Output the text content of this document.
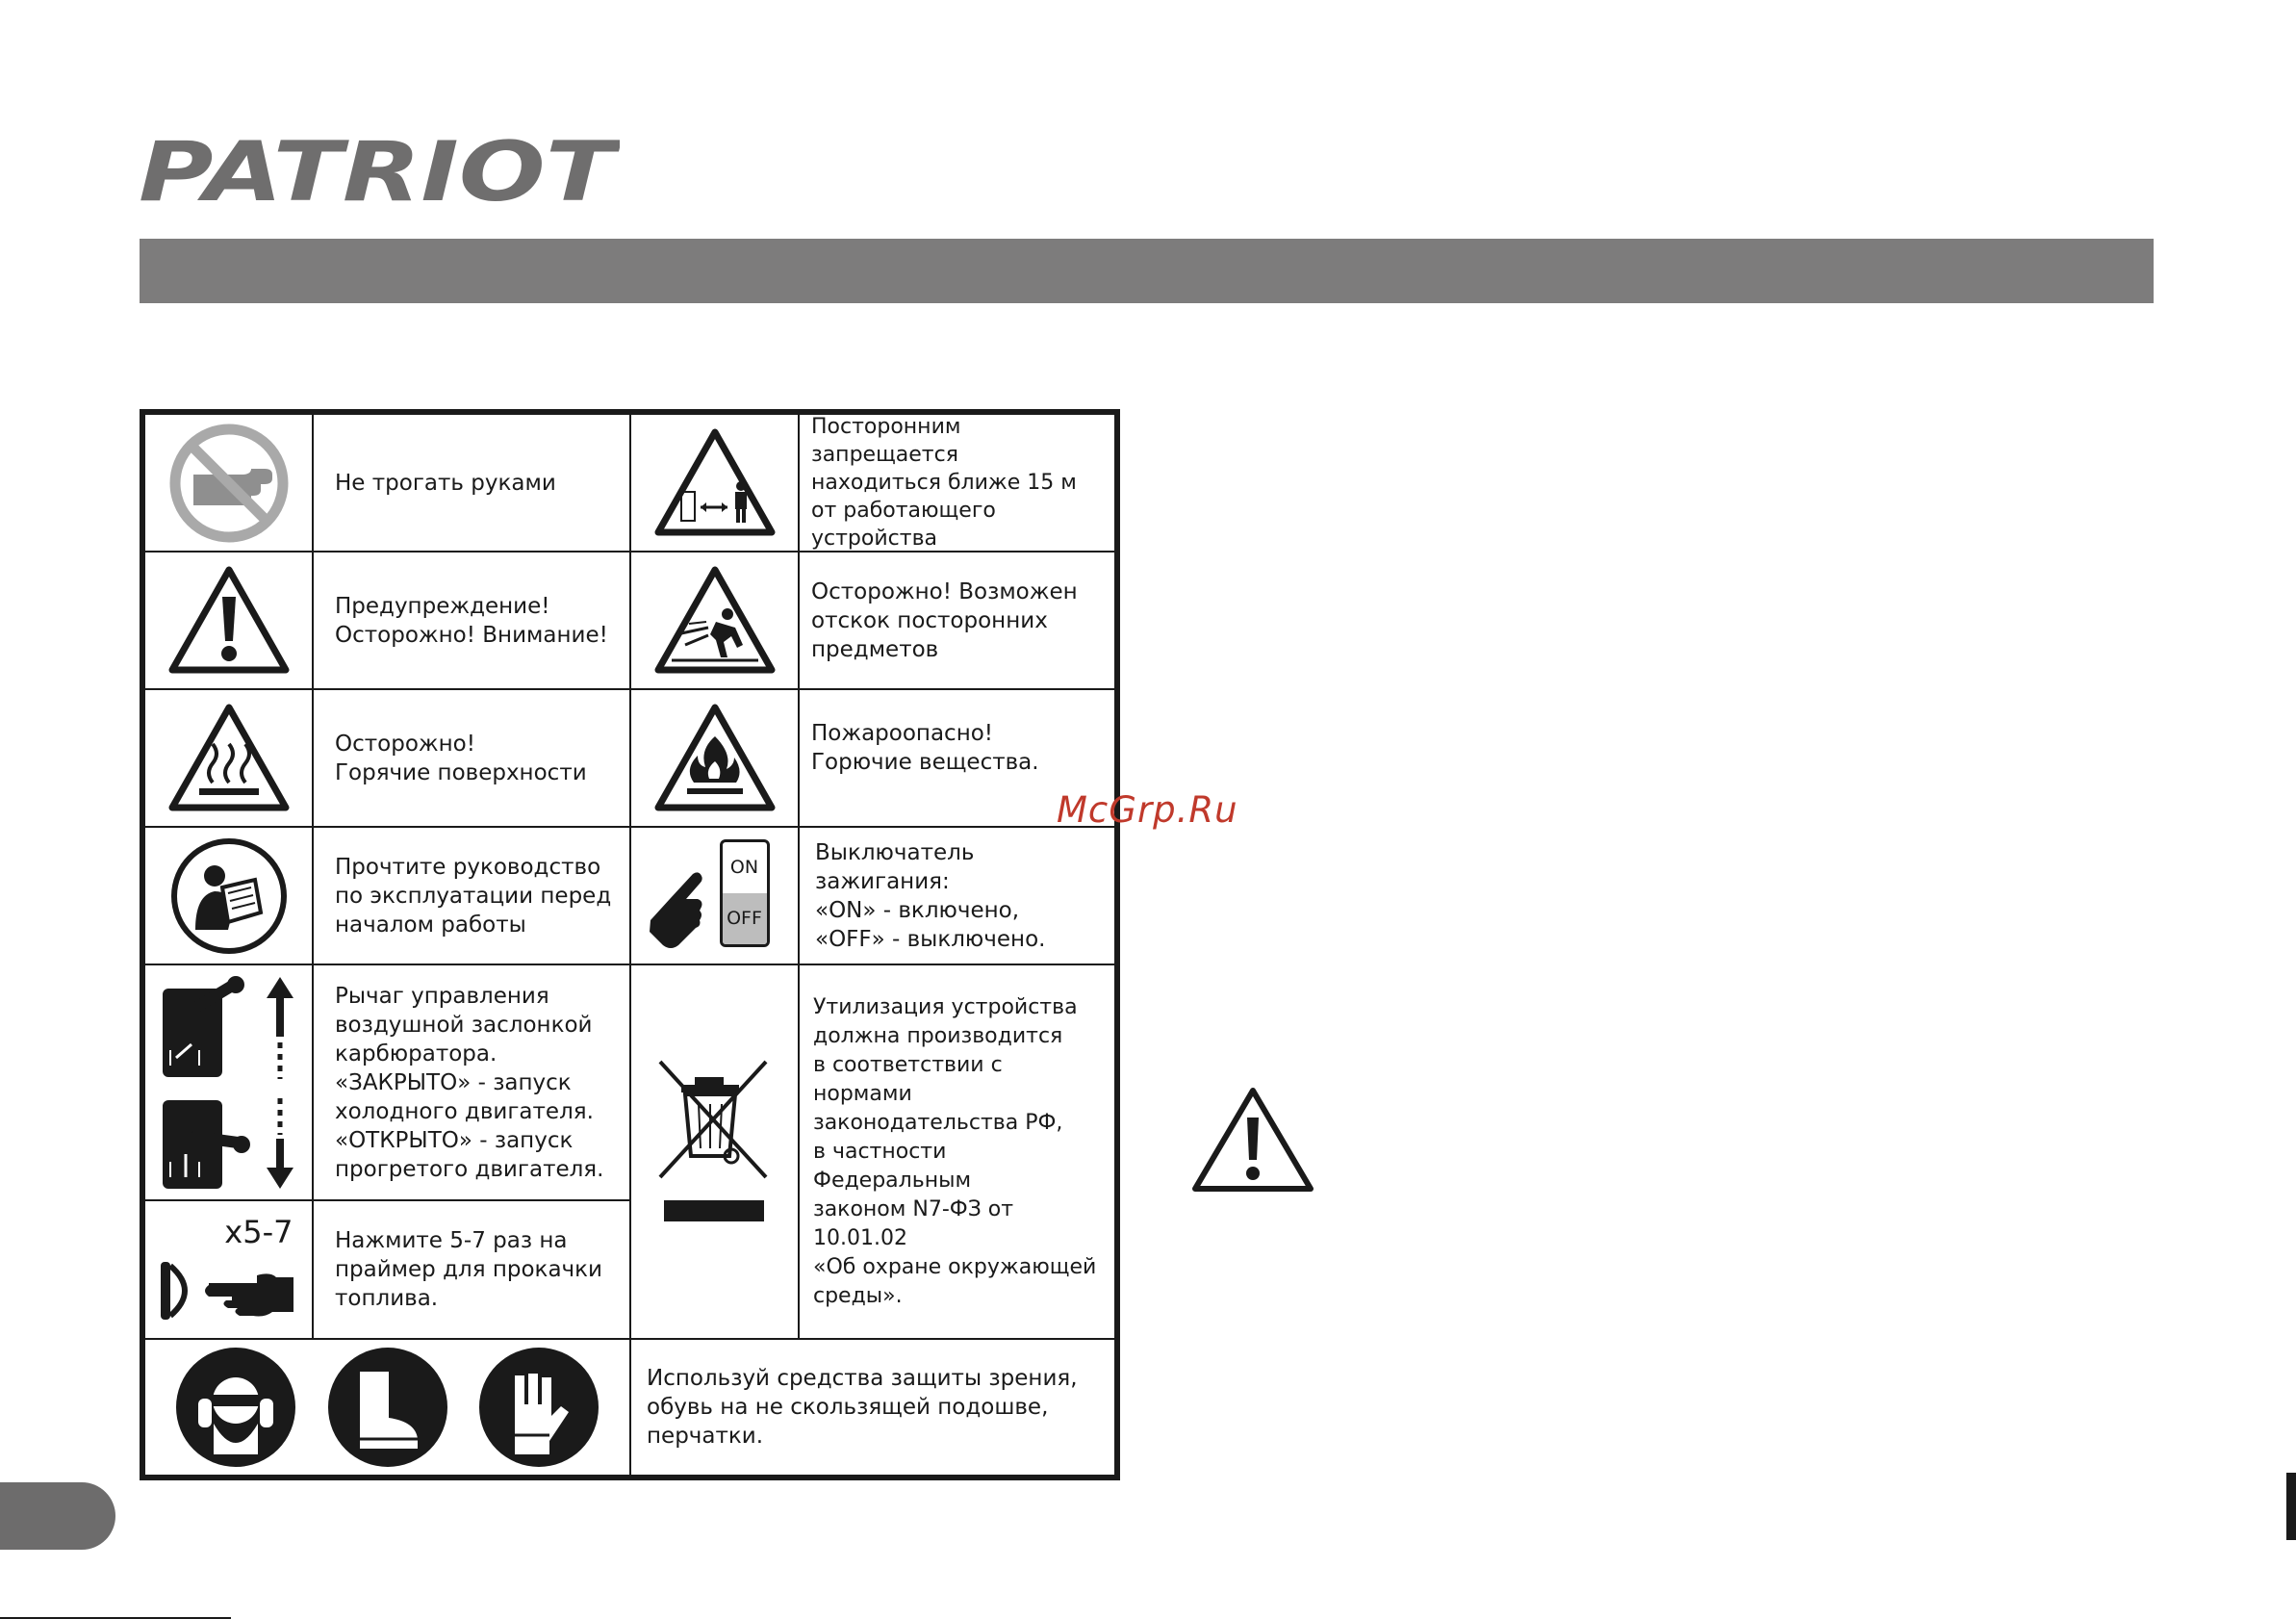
PATRIOT
Не трогать руками
Посторонним запрещается
находиться ближе 15 м
от работающего
устройства
Предупреждение!
Осторожно! Внимание!
Осторожно! Возможен
отскок посторонних
предметов
Осторожно!
Горячие поверхности
Пожароопасно!
Горючие вещества.
Прочтите руководство
по эксплуатации перед
началом работы
ON
OFF
Выключатель зажигания:
«ON» - включено,
«OFF» - выключено.
Рычаг управления
воздушной заслонкой
карбюратора.
«ЗАКРЫТО» - запуск
холодного двигателя.
«ОТКРЫТО» - запуск
прогретого двигателя.
Утилизация устройства
должна производится
в соответствии с нормами
законодательства РФ,
в частности Федеральным
законом N7-ФЗ от 10.01.02
«Об охране окружающей
среды».
x5-7 Нажмите 5-7 раз на
праймер для прокачки
топлива.
Используй средства защиты зрения,
обувь на не скользящей подошве,
перчатки.
McGrp.Ru
